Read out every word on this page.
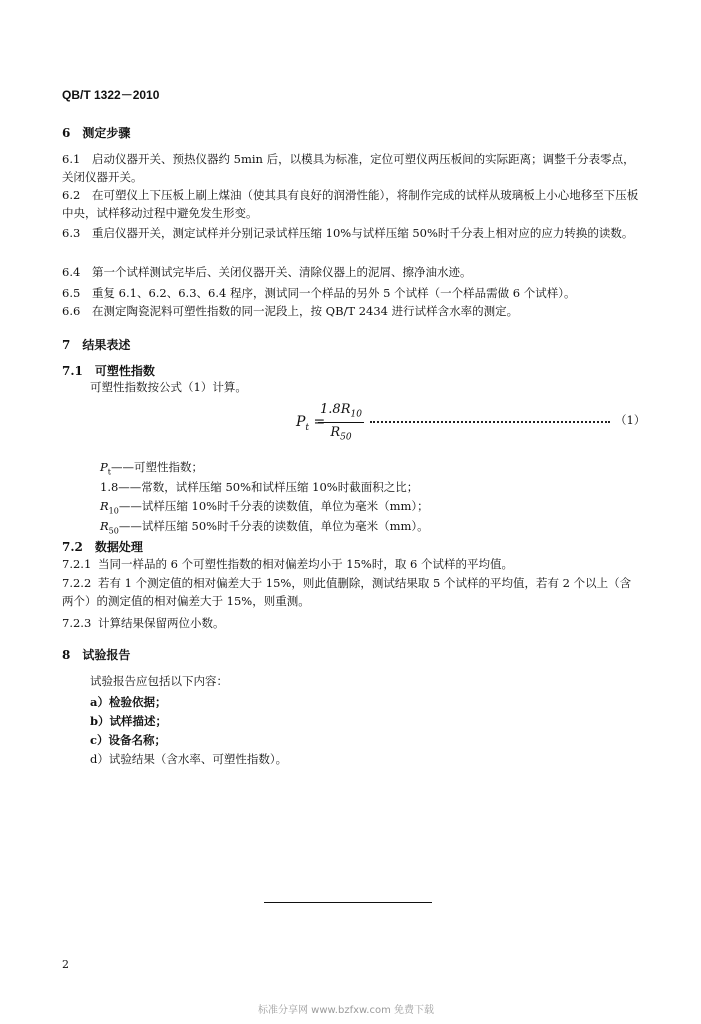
QB/T 1322－2010
6　测定步骤
6.1 启动仪器开关、预热仪器约 5min 后，以模具为标准，定位可塑仪两压板间的实际距离；调整千分表零点，关闭仪器开关。
6.2 在可塑仪上下压板上刷上煤油（使其具有良好的润滑性能），将制作完成的试样从玻璃板上小心地移至下压板中央，试样移动过程中避免发生形变。
6.3 重启仪器开关，测定试样并分别记录试样压缩 10%与试样压缩 50%时千分表上相对应的应力转换的读数。
6.4 第一个试样测试完毕后、关闭仪器开关、清除仪器上的泥屑、擦净油水迹。
6.5 重复 6.1、6.2、6.3、6.4 程序，测试同一个样品的另外 5 个试样（一个样品需做 6 个试样）。
6.6 在测定陶瓷泥料可塑性指数的同一泥段上，按 QB/T 2434 进行试样含水率的测定。
7　结果表述
7.1　可塑性指数
可塑性指数按公式（1）计算。
$P_t$ =
$\frac{1.8R_{10}}{R_{50}}$	（1）
$P_t——$可塑性指数；
1.8——常数，试样压缩 50%和试样压缩 10%时截面积之比；
$R_{10}——$试样压缩 10%时千分表的读数值，单位为毫米（mm）；
$R_{50}——$试样压缩 50%时千分表的读数值，单位为毫米（mm）。
7.2　数据处理
7.2.1 当同一样品的 6 个可塑性指数的相对偏差均小于 15%时，取 6 个试样的平均值。
7.2.2 若有 1 个测定值的相对偏差大于 15%，则此值删除，测试结果取 5 个试样的平均值，若有 2 个以上（含两个）的测定值的相对偏差大于 15%，则重测。
7.2.3 计算结果保留两位小数。
8　试验报告
试验报告应包括以下内容：
a）检验依据；
b）试样描述；
c）设备名称；
d）试验结果（含水率、可塑性指数）。
2
标准分享网 www.bzfxw.com 免费下载
